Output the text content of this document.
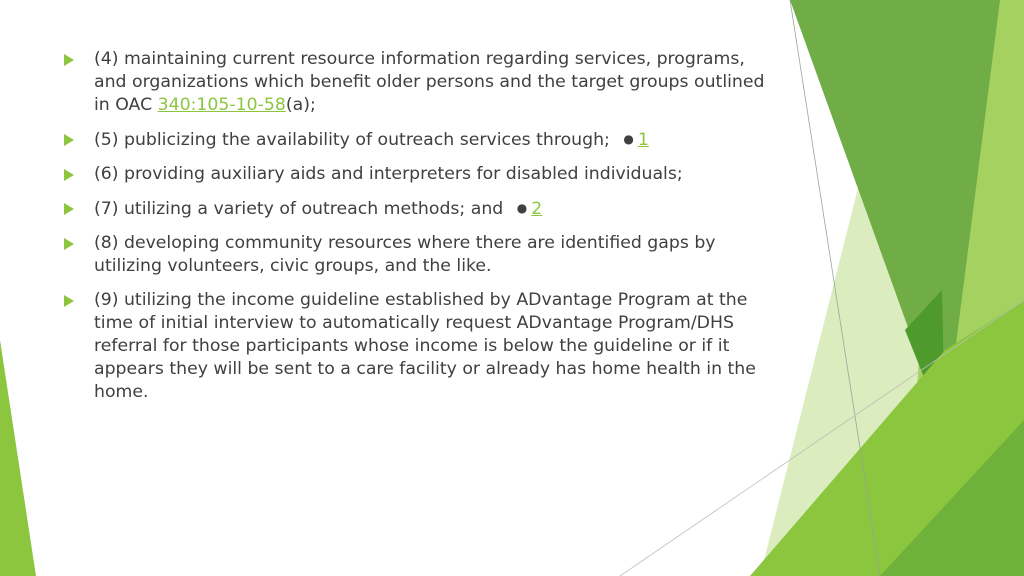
(4) maintaining current resource information regarding services, programs, and organizations which benefit older persons and the target groups outlined in OAC 340:105-10-58(a);
(5) publicizing the availability of outreach services through; ● 1
(6) providing auxiliary aids and interpreters for disabled individuals;
(7) utilizing a variety of outreach methods; and ● 2
(8) developing community resources where there are identified gaps by utilizing volunteers, civic groups, and the like.
(9) utilizing the income guideline established by ADvantage Program at the time of initial interview to automatically request ADvantage Program/DHS referral for those participants whose income is below the guideline or if it appears they will be sent to a care facility or already has home health in the home.
